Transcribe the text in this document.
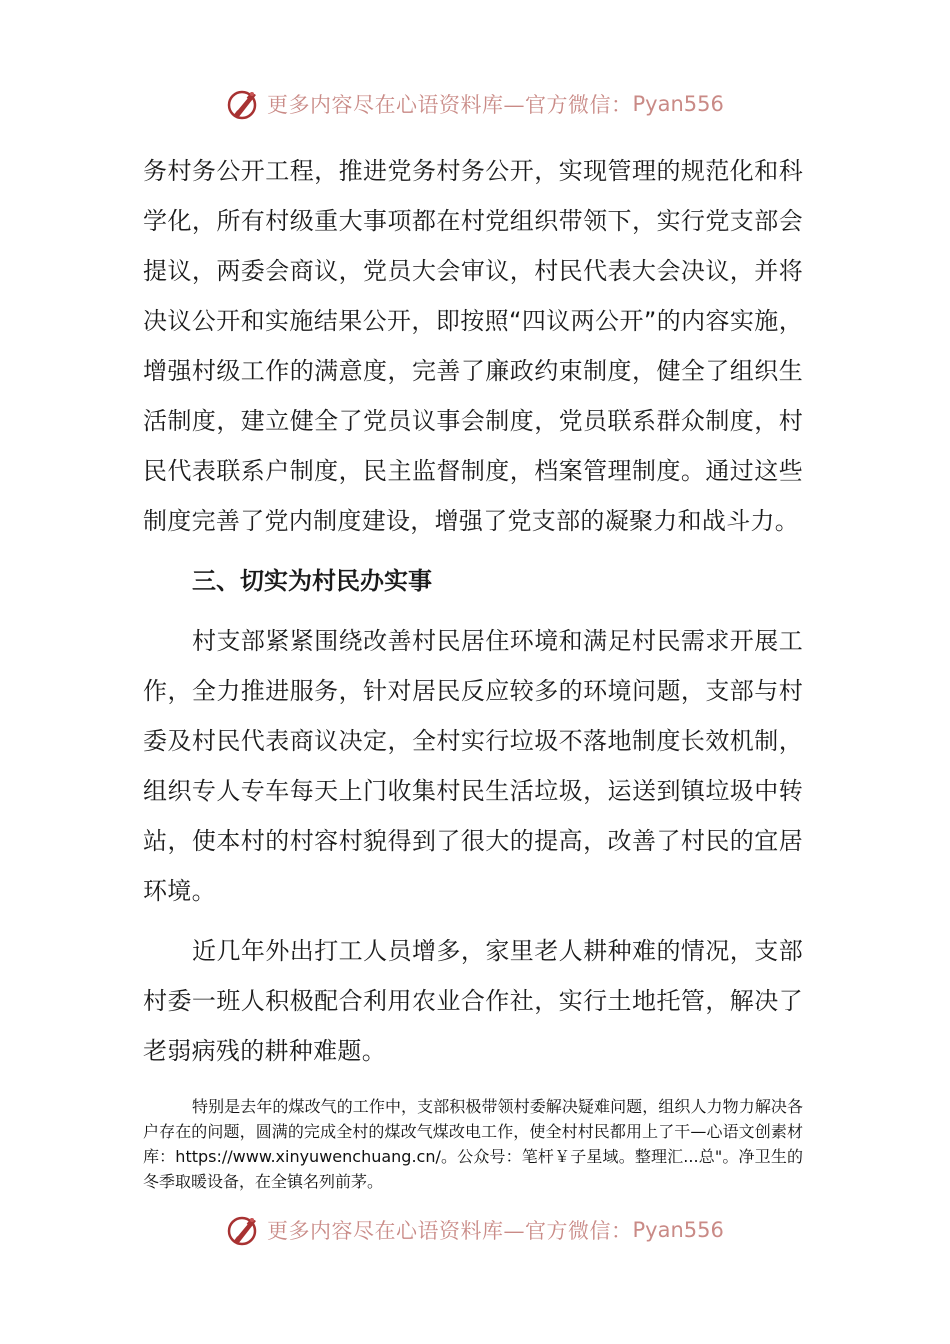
更多内容尽在心语资料库—官方微信： Pyan556

务村务公开工程，推进党务村务公开，实现管理的规范化和科学化，所有村级重大事项都在村党组织带领下，实行党支部会提议，两委会商议，党员大会审议，村民代表大会决议，并将决议公开和实施结果公开，即按照“四议两公开”的内容实施，增强村级工作的满意度，完善了廉政约束制度，健全了组织生活制度，建立健全了党员议事会制度，党员联系群众制度，村民代表联系户制度，民主监督制度，档案管理制度。通过这些制度完善了党内制度建设，增强了党支部的凝聚力和战斗力。

三、切实为村民办实事

村支部紧紧围绕改善村民居住环境和满足村民需求开展工作，全力推进服务，针对居民反应较多的环境问题，支部与村委及村民代表商议决定，全村实行垃圾不落地制度长效机制，组织专人专车每天上门收集村民生活垃圾，运送到镇垃圾中转站，使本村的村容村貌得到了很大的提高，改善了村民的宜居环境。

近几年外出打工人员增多，家里老人耕种难的情况，支部村委一班人积极配合利用农业合作社，实行土地托管，解决了老弱病残的耕种难题。

特别是去年的煤改气的工作中，支部积极带领村委解决疑难问题，组织人力物力解决各户存在的问题，圆满的完成全村的煤改气煤改电工作，使全村村民都用上了干—心语文创素材库：https://www.xinyuwenchuang.cn/。公众号：笔杆￥子星域。整理汇...总"。净卫生的冬季取暖设备，在全镇名列前茅。

更多内容尽在心语资料库—官方微信： Pyan556
